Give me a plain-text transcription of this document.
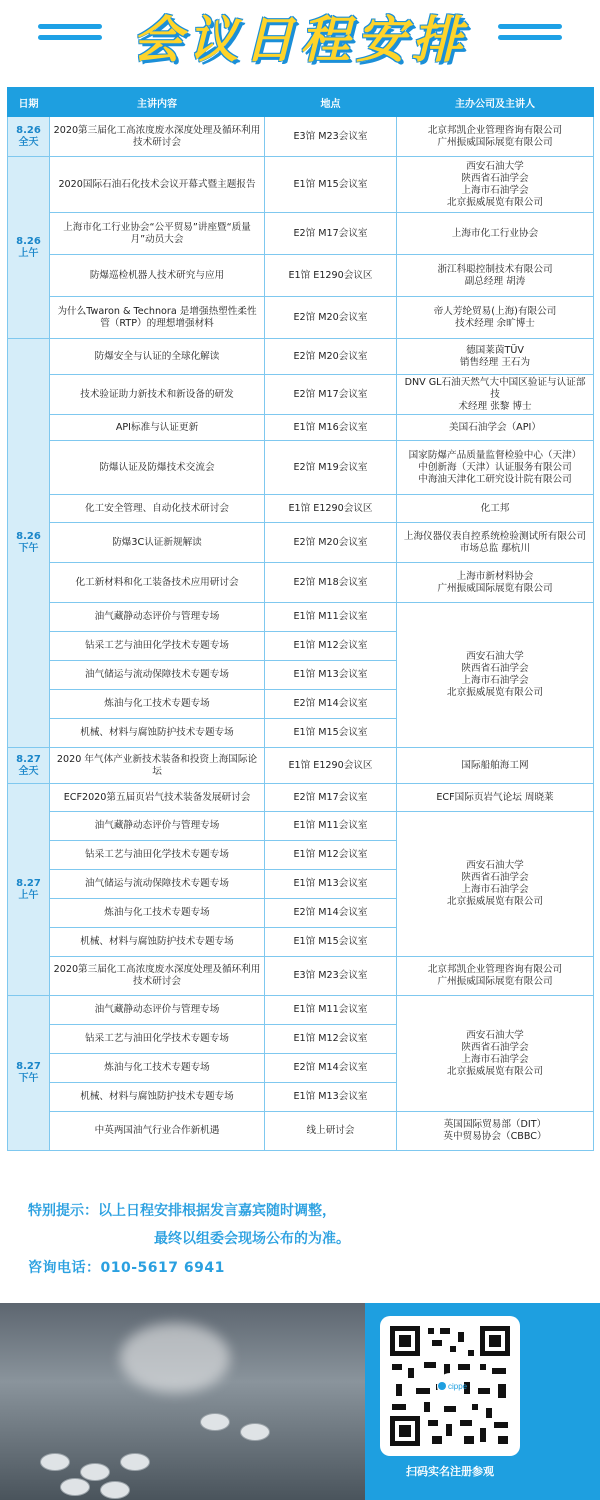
会议日程安排
日期	主讲内容	地点	主办公司及主讲人
8.26
全天	2020第三届化工高浓度废水深度处理及循环利用
技术研讨会	E3馆 M23会议室	北京邦凯企业管理咨询有限公司
广州振威国际展览有限公司
8.26
上午	2020国际石油石化技术会议开幕式暨主题报告	E1馆 M15会议室	西安石油大学
陕西省石油学会
上海市石油学会
北京振威展览有限公司
	上海市化工行业协会“公平贸易”讲座暨“质量
月”动员大会	E2馆 M17会议室	上海市化工行业协会
	防爆巡检机器人技术研究与应用	E1馆 E1290会议区	浙江科聪控制技术有限公司
副总经理 胡涛
	为什么Twaron & Technora 是增强热塑性柔性
管（RTP）的理想增强材料	E2馆 M20会议室	帝人芳纶贸易(上海)有限公司
技术经理 余旷博士
8.26
下午	防爆安全与认证的全球化解读	E2馆 M20会议室	德国莱茵TÜV
销售经理 王石为
	技术验证助力新技术和新设备的研发	E2馆 M17会议室	DNV GL石油天然气大中国区验证与认证部技
术经理 张黎 博士
	API标准与认证更新	E1馆 M16会议室	美国石油学会（API）
	防爆认证及防爆技术交流会	E2馆 M19会议室	国家防爆产品质量监督检验中心（天津）
中创新海（天津）认证服务有限公司
中海油天津化工研究设计院有限公司
	化工安全管理、自动化技术研讨会	E1馆 E1290会议区	化工邦
	防爆3C认证新规解读	E2馆 M20会议室	上海仪器仪表自控系统检验测试所有限公司
市场总监 鄢杭川
	化工新材料和化工装备技术应用研讨会	E2馆 M18会议室	上海市新材料协会
广州振威国际展览有限公司
	油气藏静动态评价与管理专场	E1馆 M11会议室	西安石油大学
陕西省石油学会
上海市石油学会
北京振威展览有限公司
	钻采工艺与油田化学技术专题专场	E1馆 M12会议室	
	油气储运与流动保障技术专题专场	E1馆 M13会议室	
	炼油与化工技术专题专场	E2馆 M14会议室	
	机械、材料与腐蚀防护技术专题专场	E1馆 M15会议室	
8.27
全天	2020 年气体产业新技术装备和投资上海国际论坛	E1馆 E1290会议区	国际船舶海工网
8.27
上午	ECF2020第五届页岩气技术装备发展研讨会	E2馆 M17会议室	ECF国际页岩气论坛 周晓莱
	油气藏静动态评价与管理专场	E1馆 M11会议室	西安石油大学
陕西省石油学会
上海市石油学会
北京振威展览有限公司
	钻采工艺与油田化学技术专题专场	E1馆 M12会议室	
	油气储运与流动保障技术专题专场	E1馆 M13会议室	
	炼油与化工技术专题专场	E2馆 M14会议室	
	机械、材料与腐蚀防护技术专题专场	E1馆 M15会议室	
	2020第三届化工高浓度废水深度处理及循环利用
技术研讨会	E3馆 M23会议室	北京邦凯企业管理咨询有限公司
广州振威国际展览有限公司
8.27
下午	油气藏静动态评价与管理专场	E1馆 M11会议室	西安石油大学
陕西省石油学会
上海市石油学会
北京振威展览有限公司
	钻采工艺与油田化学技术专题专场	E1馆 M12会议室	
	炼油与化工技术专题专场	E2馆 M14会议室	
	机械、材料与腐蚀防护技术专题专场	E1馆 M13会议室	
	中英两国油气行业合作新机遇	线上研讨会	英国国际贸易部（DIT）
英中贸易协会（CBBC）
特别提示：以上日程安排根据发言嘉宾随时调整，
最终以组委会现场公布的为准。
咨询电话：010-5617 6941
cippe
扫码实名注册参观
